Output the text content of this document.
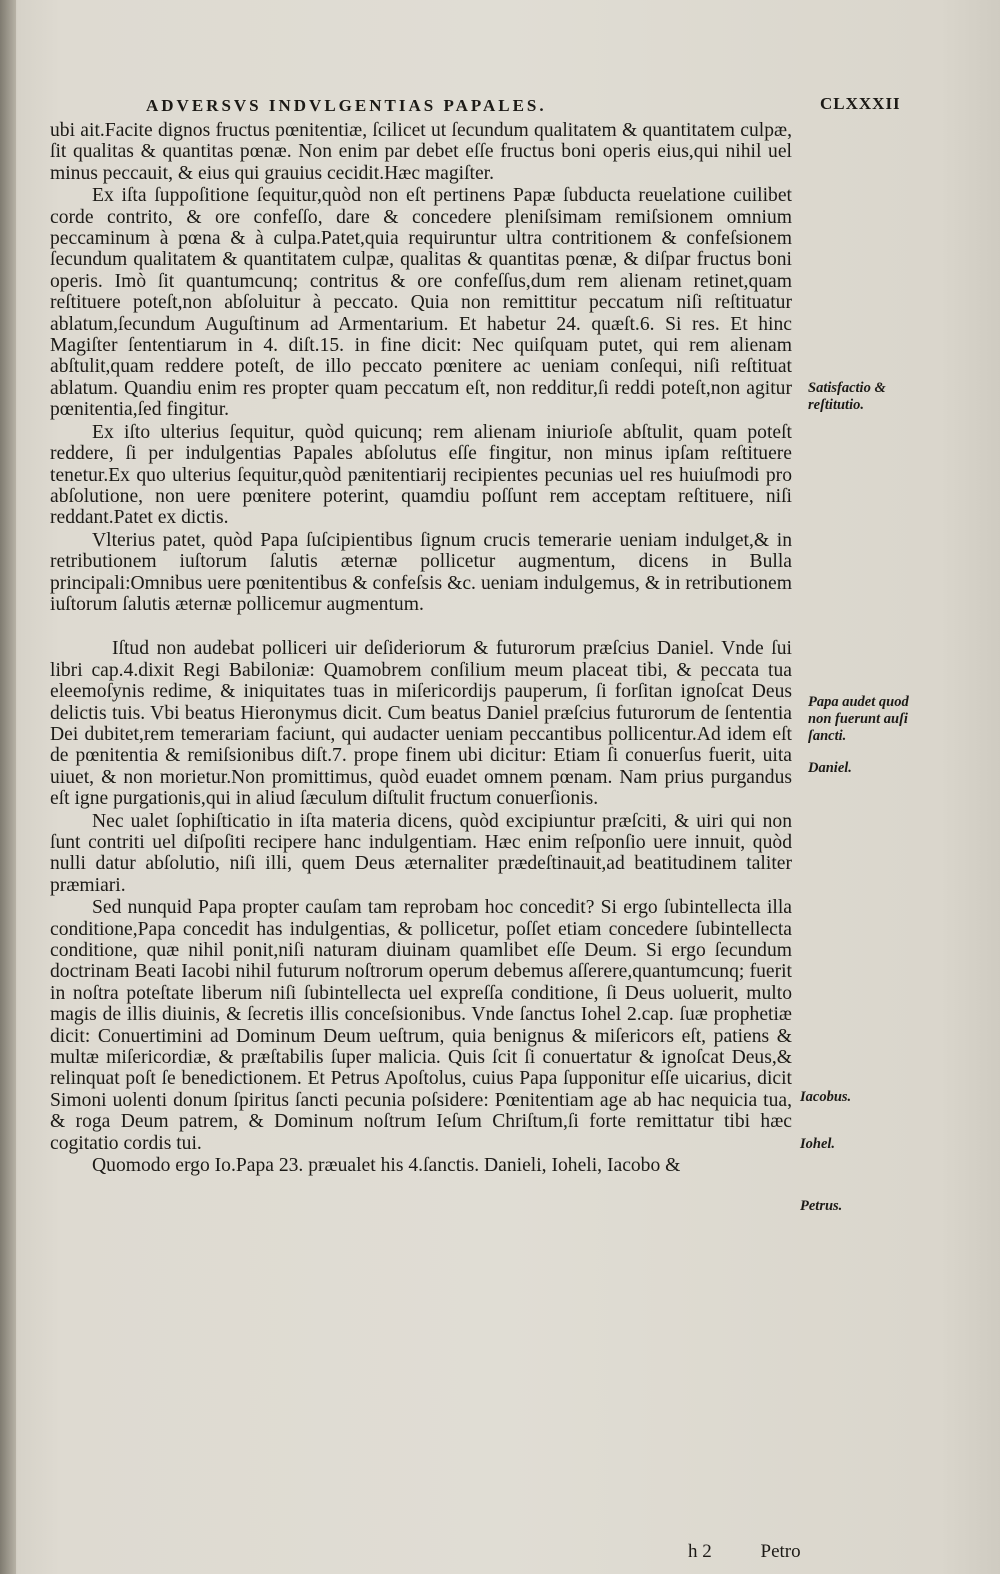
ADVERSVS INDVLGENTIAS PAPALES.	CLXXXII

ubi ait.Facite dignos fructus pœnitentiæ, ſcilicet ut ſecundum qualitatem & quantitatem culpæ, ſit qualitas & quantitas pœnæ. Non enim par debet eſſe fructus boni operis eius,qui nihil uel minus peccauit, & eius qui grauius cecidit.Hæc magiſter.

Ex iſta ſuppoſitione ſequitur,quòd non eſt pertinens Papæ ſubducta reuelatione cuilibet corde contrito, & ore confeſſo, dare & concedere pleniſsimam remiſsionem omnium peccaminum à pœna & à culpa.Patet,quia requiruntur ultra contritionem & confeſsionem ſecundum qualitatem & quantitatem culpæ, qualitas & quantitas pœnæ, & diſpar fructus boni operis. Imò ſit quantumcunq; contritus & ore confeſſus,dum rem alienam retinet,quam reſtituere poteſt,non abſoluitur à peccato. Quia non remittitur peccatum niſi reſtituatur ablatum,ſecundum Auguſtinum ad Armentarium. Et habetur 24. quæſt.6. Si res. Et hinc Magiſter ſententiarum in 4. diſt.15. in fine dicit: Nec quiſquam putet, qui rem alienam abſtulit,quam reddere poteſt, de illo peccato pœnitere ac ueniam conſequi, niſi reſtituat ablatum. Quandiu enim res propter quam peccatum eſt, non redditur,ſi reddi poteſt,non agitur pœnitentia,ſed fingitur.

Ex iſto ulterius ſequitur, quòd quicunq; rem alienam iniurioſe abſtulit, quam poteſt reddere, ſi per indulgentias Papales abſolutus eſſe fingitur, non minus ipſam reſtituere tenetur.Ex quo ulterius ſequitur,quòd pænitentiarij recipientes pecunias uel res huiuſmodi pro abſolutione, non uere pœnitere poterint, quamdiu poſſunt rem acceptam reſtituere, niſi reddant.Patet ex dictis.

Vlterius patet, quòd Papa ſuſcipientibus ſignum crucis temerarie ueniam indulget,& in retributionem iuſtorum ſalutis æternæ pollicetur augmentum, dicens in Bulla principali:Omnibus uere pœnitentibus & confeſsis &c. ueniam indulgemus, & in retributionem iuſtorum ſalutis æternæ pollicemur augmentum.

Iſtud non audebat polliceri uir deſideriorum & futurorum præſcius Daniel. Vnde ſui libri cap.4.dixit Regi Babiloniæ: Quamobrem conſilium meum placeat tibi, & peccata tua eleemoſynis redime, & iniquitates tuas in miſericordijs pauperum, ſi forſitan ignoſcat Deus delictis tuis. Vbi beatus Hieronymus dicit. Cum beatus Daniel præſcius futurorum de ſententia Dei dubitet,rem temerariam faciunt, qui audacter ueniam peccantibus pollicentur.Ad idem eſt de pœnitentia & remiſsionibus diſt.7. prope finem ubi dicitur: Etiam ſi conuerſus fuerit, uita uiuet, & non morietur.Non promittimus, quòd euadet omnem pœnam. Nam prius purgandus eſt igne purgationis,qui in aliud ſæculum diſtulit fructum conuerſionis.

Nec ualet ſophiſticatio in iſta materia dicens, quòd excipiuntur præſciti, & uiri qui non ſunt contriti uel diſpoſiti recipere hanc indulgentiam. Hæc enim reſponſio uere innuit, quòd nulli datur abſolutio, niſi illi, quem Deus æternaliter prædeſtinauit,ad beatitudinem taliter præmiari.

Sed nunquid Papa propter cauſam tam reprobam hoc concedit? Si ergo ſubintellecta illa conditione,Papa concedit has indulgentias, & pollicetur, poſſet etiam concedere ſubintellecta conditione, quæ nihil ponit,niſi naturam diuinam quamlibet eſſe Deum. Si ergo ſecundum doctrinam Beati Iacobi nihil futurum noſtrorum operum debemus aſſerere,quantumcunq; fuerit in noſtra poteſtate liberum niſi ſubintellecta uel expreſſa conditione, ſi Deus uoluerit, multo magis de illis diuinis, & ſecretis illis conceſsionibus. Vnde ſanctus Iohel 2.cap. ſuæ prophetiæ dicit: Conuertimini ad Dominum Deum ueſtrum, quia benignus & miſericors eſt, patiens & multæ miſericordiæ, & præſtabilis ſuper malicia. Quis ſcit ſi conuertatur & ignoſcat Deus,& relinquat poſt ſe benedictionem. Et Petrus Apoſtolus, cuius Papa ſupponitur eſſe uicarius, dicit Simoni uolenti donum ſpiritus ſancti pecunia poſsidere: Pœnitentiam age ab hac nequicia tua, & roga Deum patrem, & Dominum noſtrum Ieſum Chriſtum,ſi forte remittatur tibi hæc cogitatio cordis tui.

Quomodo ergo Io.Papa 23. præualet his 4.ſanctis. Danieli, Ioheli, Iacobo &

Satisfactio & reſtitutio.
Papa audet quod non fuerunt auſi ſancti.
Daniel.
Iacobus.
Iohel.
Petrus.
h 2	Petro
